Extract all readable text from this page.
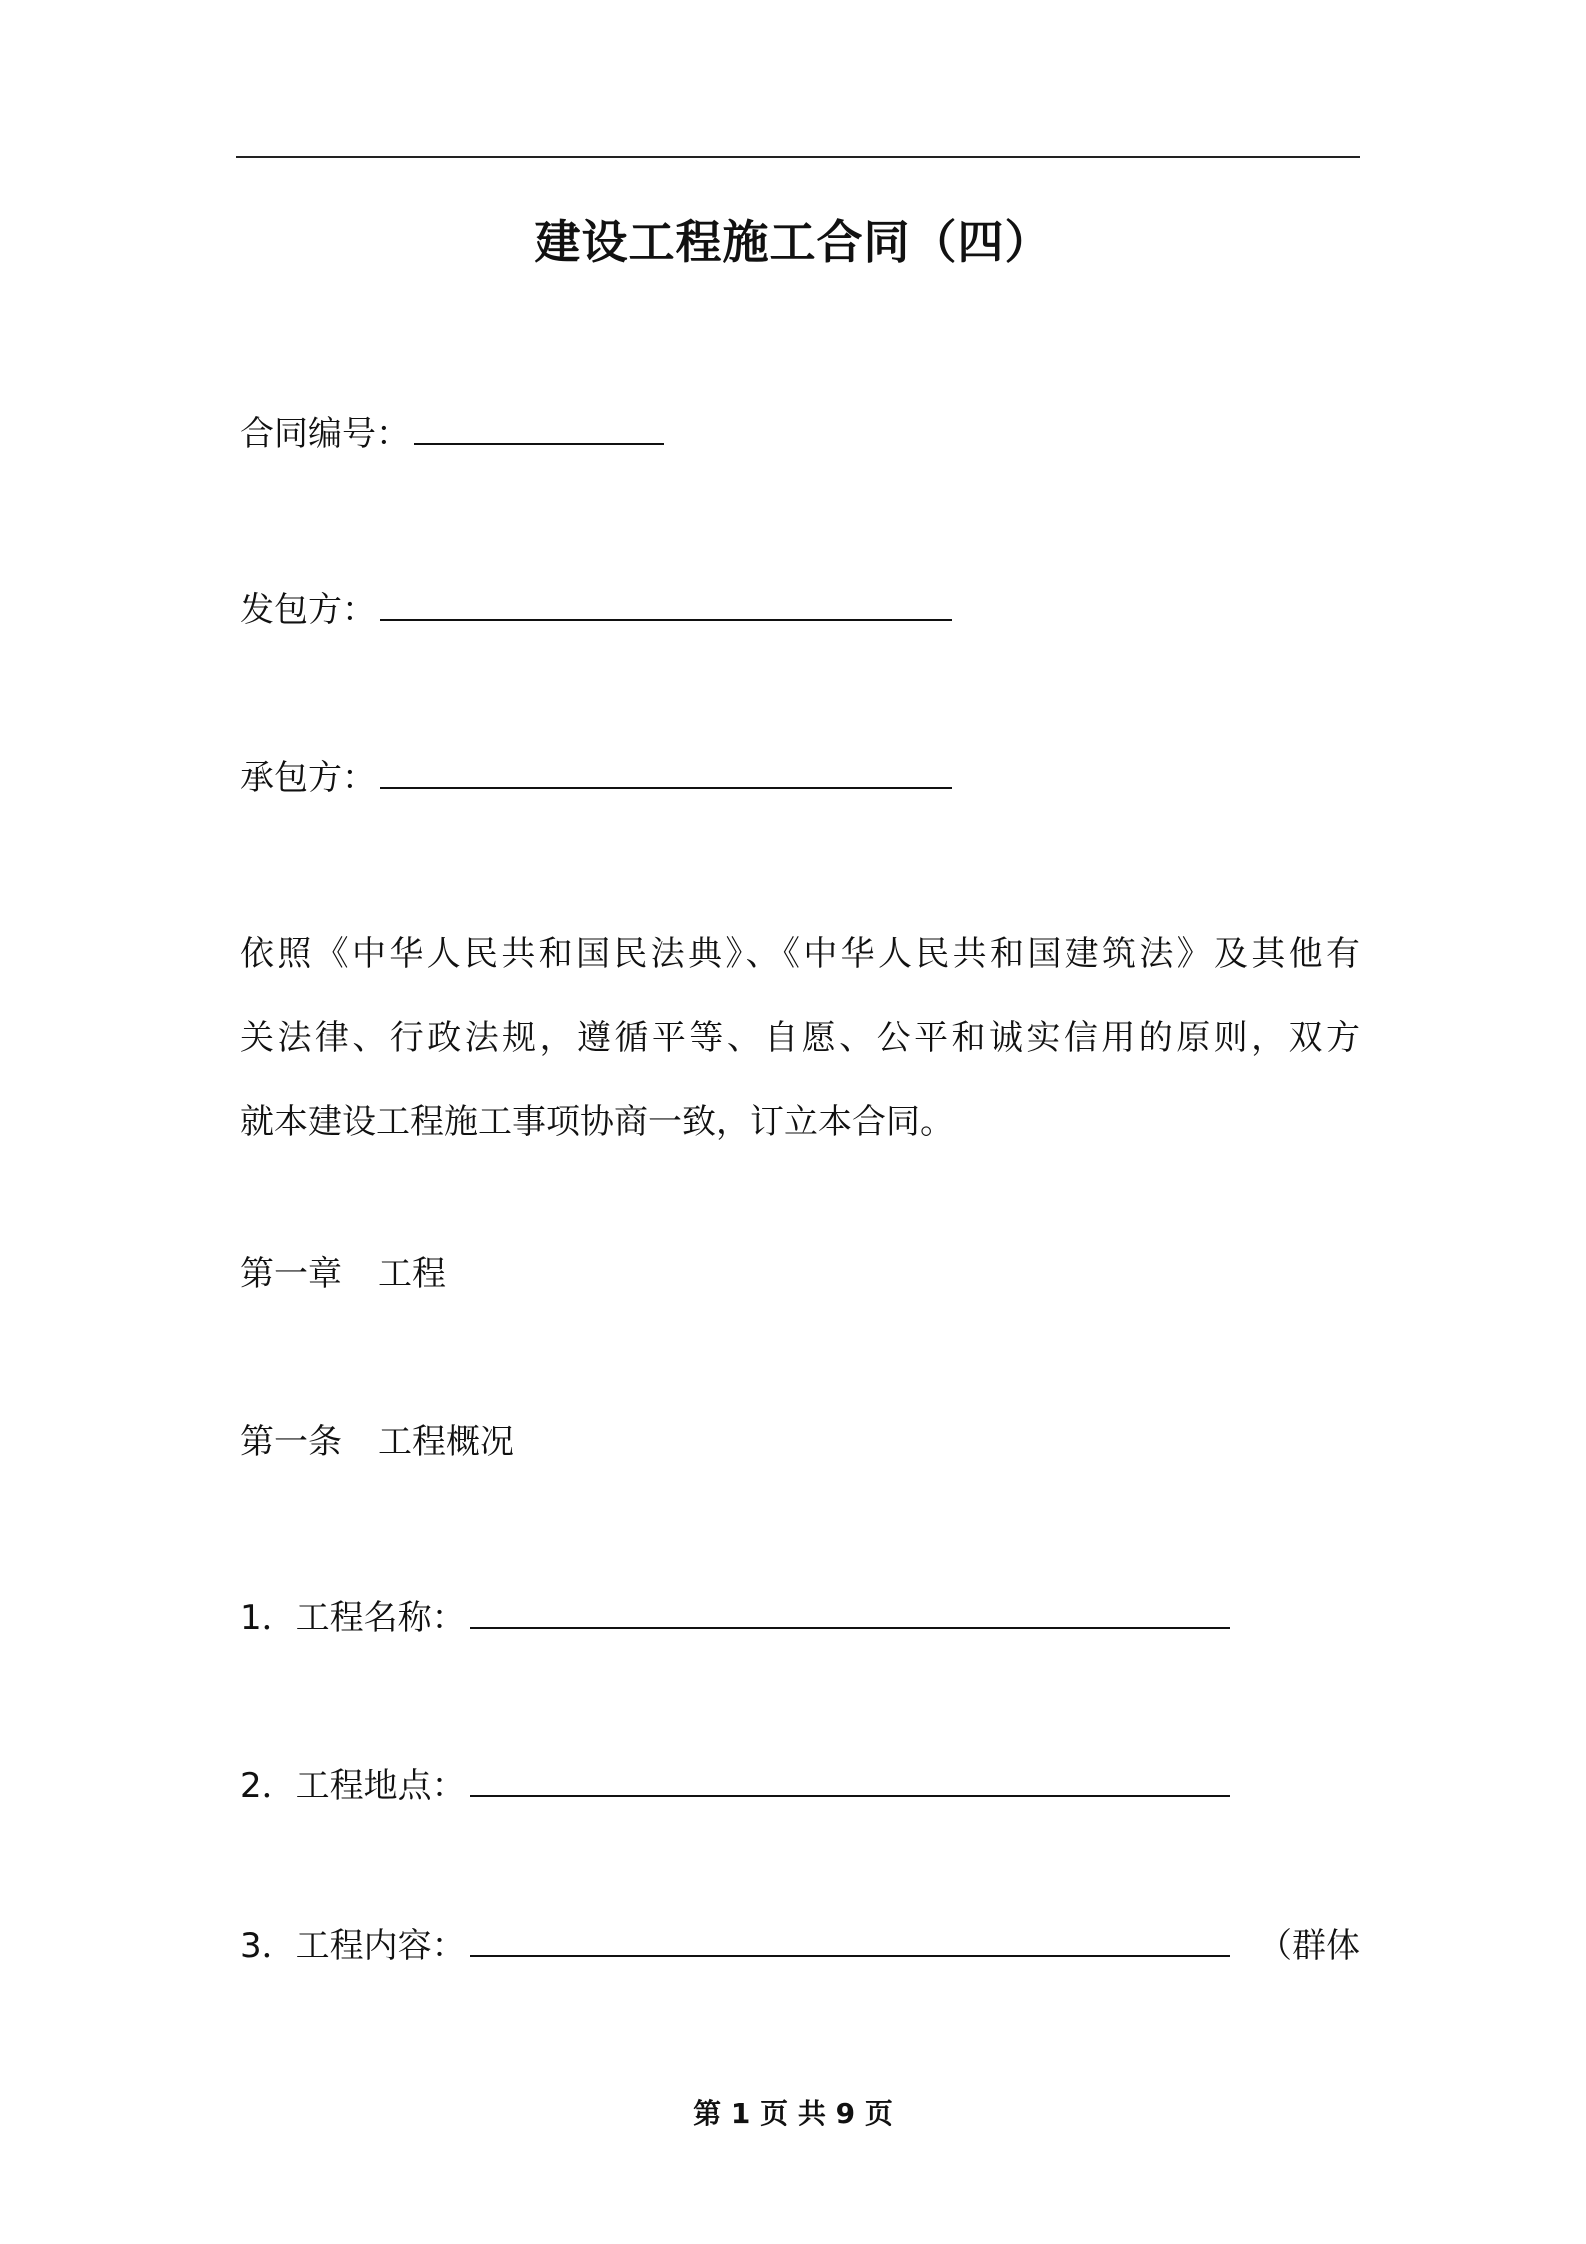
建设工程施工合同（四）
合同编号：
发包方：
承包方：
依照《中华人民共和国民法典》、《中华人民共和国建筑法》及其他有
关法律、行政法规，遵循平等、自愿、公平和诚实信用的原则，双方
就本建设工程施工事项协商一致，订立本合同。
第一章 工程
第一条 工程概况
1．工程名称：
2．工程地点：
3．工程内容：	（群体
第 1 页 共 9 页
